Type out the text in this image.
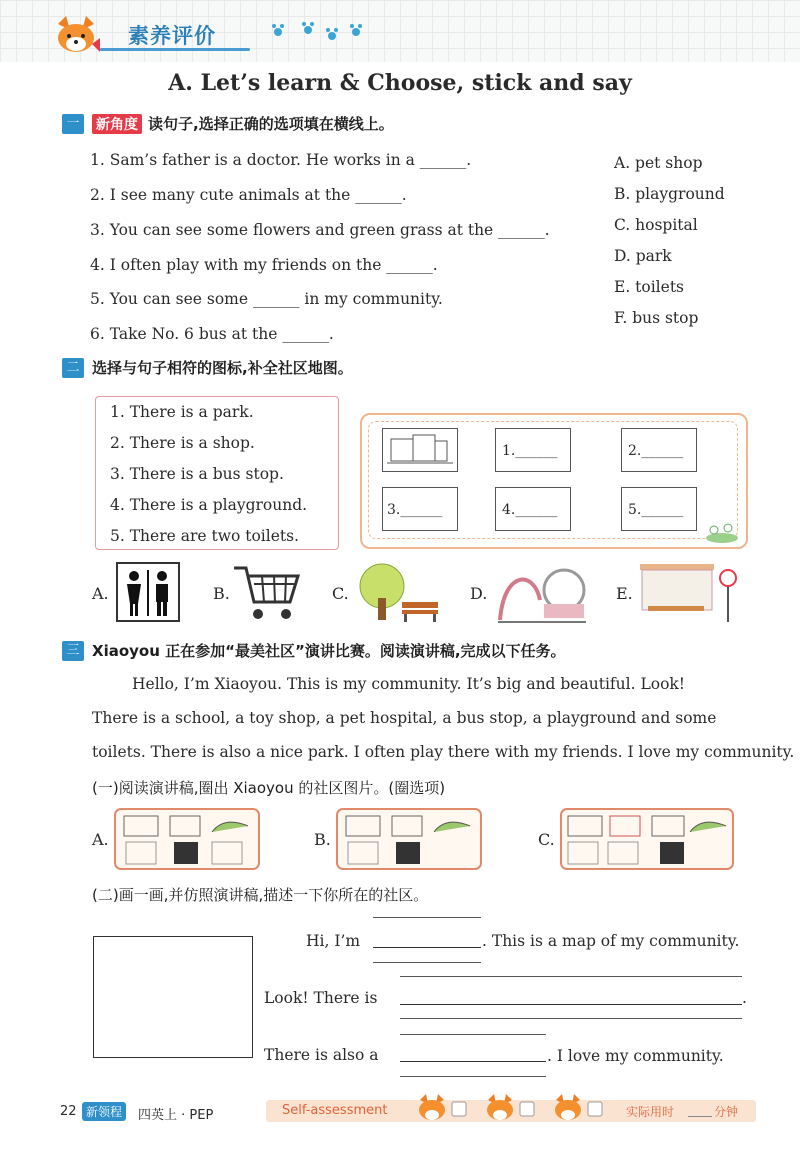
素养评价
A. Let’s learn & Choose, stick and say
一	新角度 读句子,选择正确的选项填在横线上。
1. Sam’s father is a doctor. He works in a ______.
2. I see many cute animals at the ______.
3. You can see some flowers and green grass at the ______.
4. I often play with my friends on the ______.
5. You can see some ______ in my community.
6. Take No. 6 bus at the ______.
A. pet shop
B. playground
C. hospital
D. park
E. toilets
F. bus stop
二 选择与句子相符的图标,补全社区地图。
1. There is a park.
2. There is a shop.
3. There is a bus stop.
4. There is a playground.
5. There are two toilets.
1.______	2.______
3.______	4.______	5.______
A.	B.	C.	D.	E.
三 Xiaoyou 正在参加“最美社区”演讲比赛。阅读演讲稿,完成以下任务。
Hello, I’m Xiaoyou. This is my community. It’s big and beautiful. Look!
There is a school, a toy shop, a pet hospital, a bus stop, a playground and some
toilets. There is also a nice park. I often play there with my friends. I love my community.
(一)阅读演讲稿,圈出 Xiaoyou 的社区图片。(圈选项)
A.	B.	C.
(二)画一画,并仿照演讲稿,描述一下你所在的社区。
Hi, I’m	. This is a map of my community.
Look! There is	.
There is also a	. I love my community.
22 新领程	四英上 · PEP	Self-assessment	实际用时	分钟
